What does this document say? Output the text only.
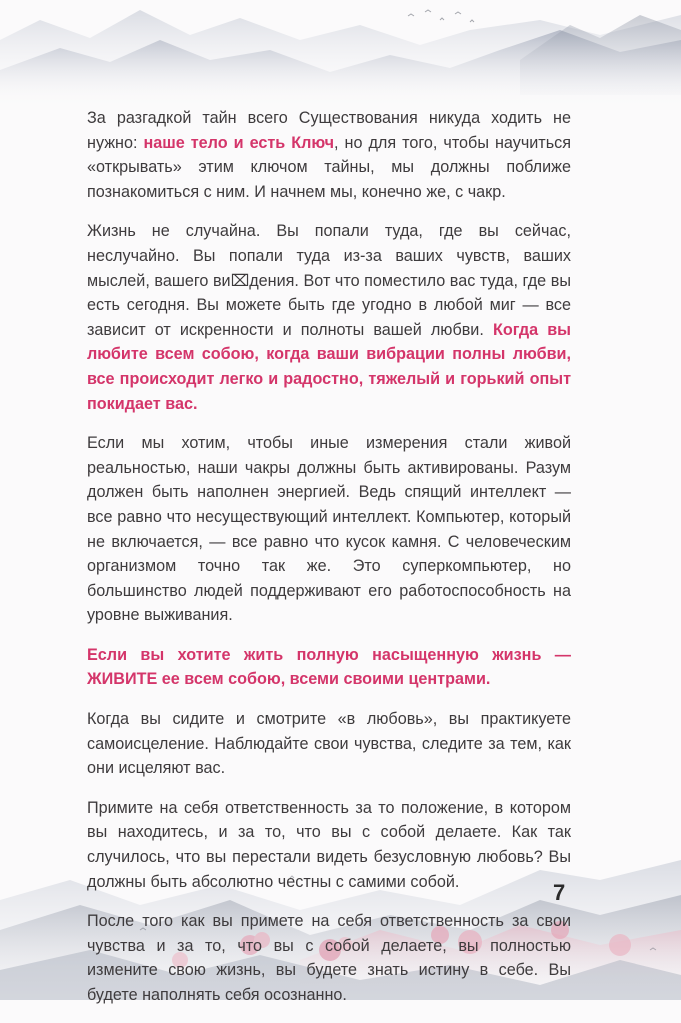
За разгадкой тайн всего Существования никуда ходить не нужно: наше тело и есть Ключ, но для того, чтобы научиться «открывать» этим ключом тайны, мы должны поближе познакомиться с ним. И начнем мы, конечно же, с чакр.

Жизнь не случайна. Вы попали туда, где вы сейчас, неслучайно. Вы попали туда из-за ваших чувств, ваших мыслей, вашего ви⌧дения. Вот что поместило вас туда, где вы есть сегодня. Вы можете быть где угодно в любой миг — все зависит от искренности и полноты вашей любви. Когда вы любите всем собою, когда ваши вибрации полны любви, все происходит легко и радостно, тяжелый и горький опыт покидает вас.

Если мы хотим, чтобы иные измерения стали живой реальностью, наши чакры должны быть активированы. Разум должен быть наполнен энергией. Ведь спящий интеллект — все равно что несуществующий интеллект. Компьютер, который не включается, — все равно что кусок камня. С человеческим организмом точно так же. Это суперкомпьютер, но большинство людей поддерживают его работоспособность на уровне выживания.

Если вы хотите жить полную насыщенную жизнь — ЖИВИТЕ ее всем собою, всеми своими центрами.

Когда вы сидите и смотрите «в любовь», вы практикуете самоисцеление. Наблюдайте свои чувства, следите за тем, как они исцеляют вас.

Примите на себя ответственность за то положение, в котором вы находитесь, и за то, что вы с собой делаете. Как так случилось, что вы перестали видеть безусловную любовь? Вы должны быть абсолютно честны с самими собой.

После того как вы примете на себя ответственность за свои чувства и за то, что вы с собой делаете, вы полностью измените свою жизнь, вы будете знать истину в себе. Вы будете наполнять себя осознанно.

7
